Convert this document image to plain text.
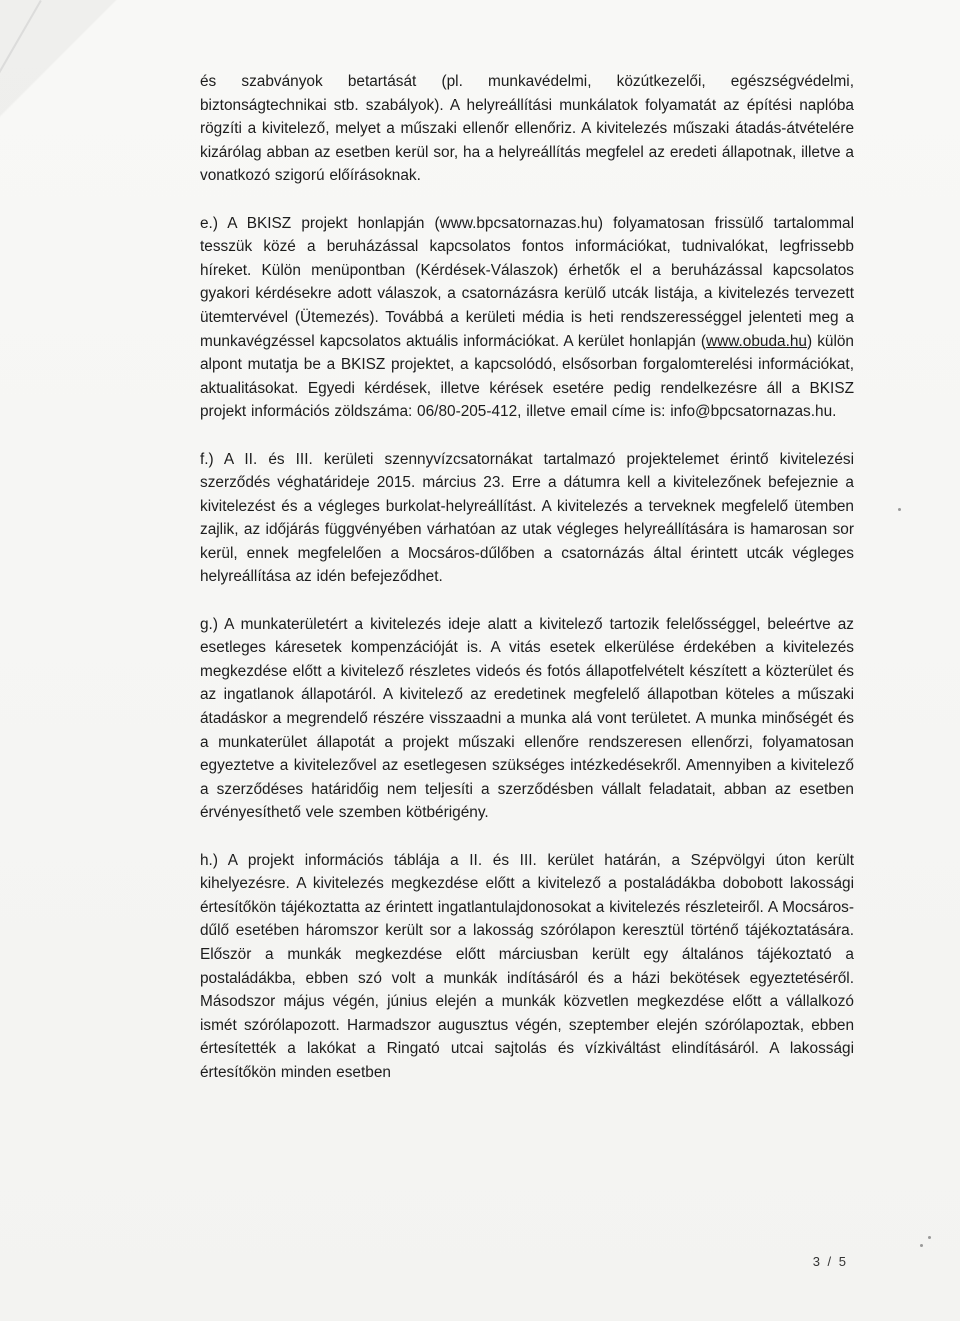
és szabványok betartását (pl. munkavédelmi, közútkezelői, egészségvédelmi, biztonságtechnikai stb. szabályok). A helyreállítási munkálatok folyamatát az építési naplóba rögzíti a kivitelező, melyet a műszaki ellenőr ellenőriz. A kivitelezés műszaki átadás-átvételére kizárólag abban az esetben kerül sor, ha a helyreállítás megfelel az eredeti állapotnak, illetve a vonatkozó szigorú előírásoknak.

e.) A BKISZ projekt honlapján (www.bpcsatornazas.hu) folyamatosan frissülő tartalommal tesszük közé a beruházással kapcsolatos fontos információkat, tudnivalókat, legfrissebb híreket. Külön menüpontban (Kérdések-Válaszok) érhetők el a beruházással kapcsolatos gyakori kérdésekre adott válaszok, a csatornázásra kerülő utcák listája, a kivitelezés tervezett ütemtervével (Ütemezés). Továbbá a kerületi média is heti rendszerességgel jelenteti meg a munkavégzéssel kapcsolatos aktuális információkat. A kerület honlapján (www.obuda.hu) külön alpont mutatja be a BKISZ projektet, a kapcsolódó, elsősorban forgalomterelési információkat, aktualitásokat. Egyedi kérdések, illetve kérések esetére pedig rendelkezésre áll a BKISZ projekt információs zöldszáma: 06/80-205-412, illetve email címe is: info@bpcsatornazas.hu.

f.) A II. és III. kerületi szennyvízcsatornákat tartalmazó projektelemet érintő kivitelezési szerződés véghatárideje 2015. március 23. Erre a dátumra kell a kivitelezőnek befejeznie a kivitelezést és a végleges burkolat-helyreállítást. A kivitelezés a terveknek megfelelő ütemben zajlik, az időjárás függvényében várhatóan az utak végleges helyreállítására is hamarosan sor kerül, ennek megfelelően a Mocsáros-dűlőben a csatornázás által érintett utcák végleges helyreállítása az idén befejeződhet.

g.) A munkaterületért a kivitelezés ideje alatt a kivitelező tartozik felelősséggel, beleértve az esetleges káresetek kompenzációját is. A vitás esetek elkerülése érdekében a kivitelezés megkezdése előtt a kivitelező részletes videós és fotós állapotfelvételt készített a közterület és az ingatlanok állapotáról. A kivitelező az eredetinek megfelelő állapotban köteles a műszaki átadáskor a megrendelő részére visszaadni a munka alá vont területet. A munka minőségét és a munkaterület állapotát a projekt műszaki ellenőre rendszeresen ellenőrzi, folyamatosan egyeztetve a kivitelezővel az esetlegesen szükséges intézkedésekről. Amennyiben a kivitelező a szerződéses határidőig nem teljesíti a szerződésben vállalt feladatait, abban az esetben érvényesíthető vele szemben kötbérigény.

h.) A projekt információs táblája a II. és III. kerület határán, a Szépvölgyi úton került kihelyezésre. A kivitelezés megkezdése előtt a kivitelező a postaládákba dobobott lakossági értesítőkön tájékoztatta az érintett ingatlantulajdonosokat a kivitelezés részleteiről. A Mocsáros-dűlő esetében háromszor került sor a lakosság szórólapon keresztül történő tájékoztatására. Először a munkák megkezdése előtt márciusban került egy általános tájékoztató a postaládákba, ebben szó volt a munkák indításáról és a házi bekötések egyeztetéséről. Másodszor május végén, június elején a munkák közvetlen megkezdése előtt a vállalkozó ismét szórólapozott. Harmadszor augusztus végén, szeptember elején szórólapoztak, ebben értesítették a lakókat a Ringató utcai sajtolás és vízkiváltást elindításáról. A lakossági értesítőkön minden esetben

3 / 5
